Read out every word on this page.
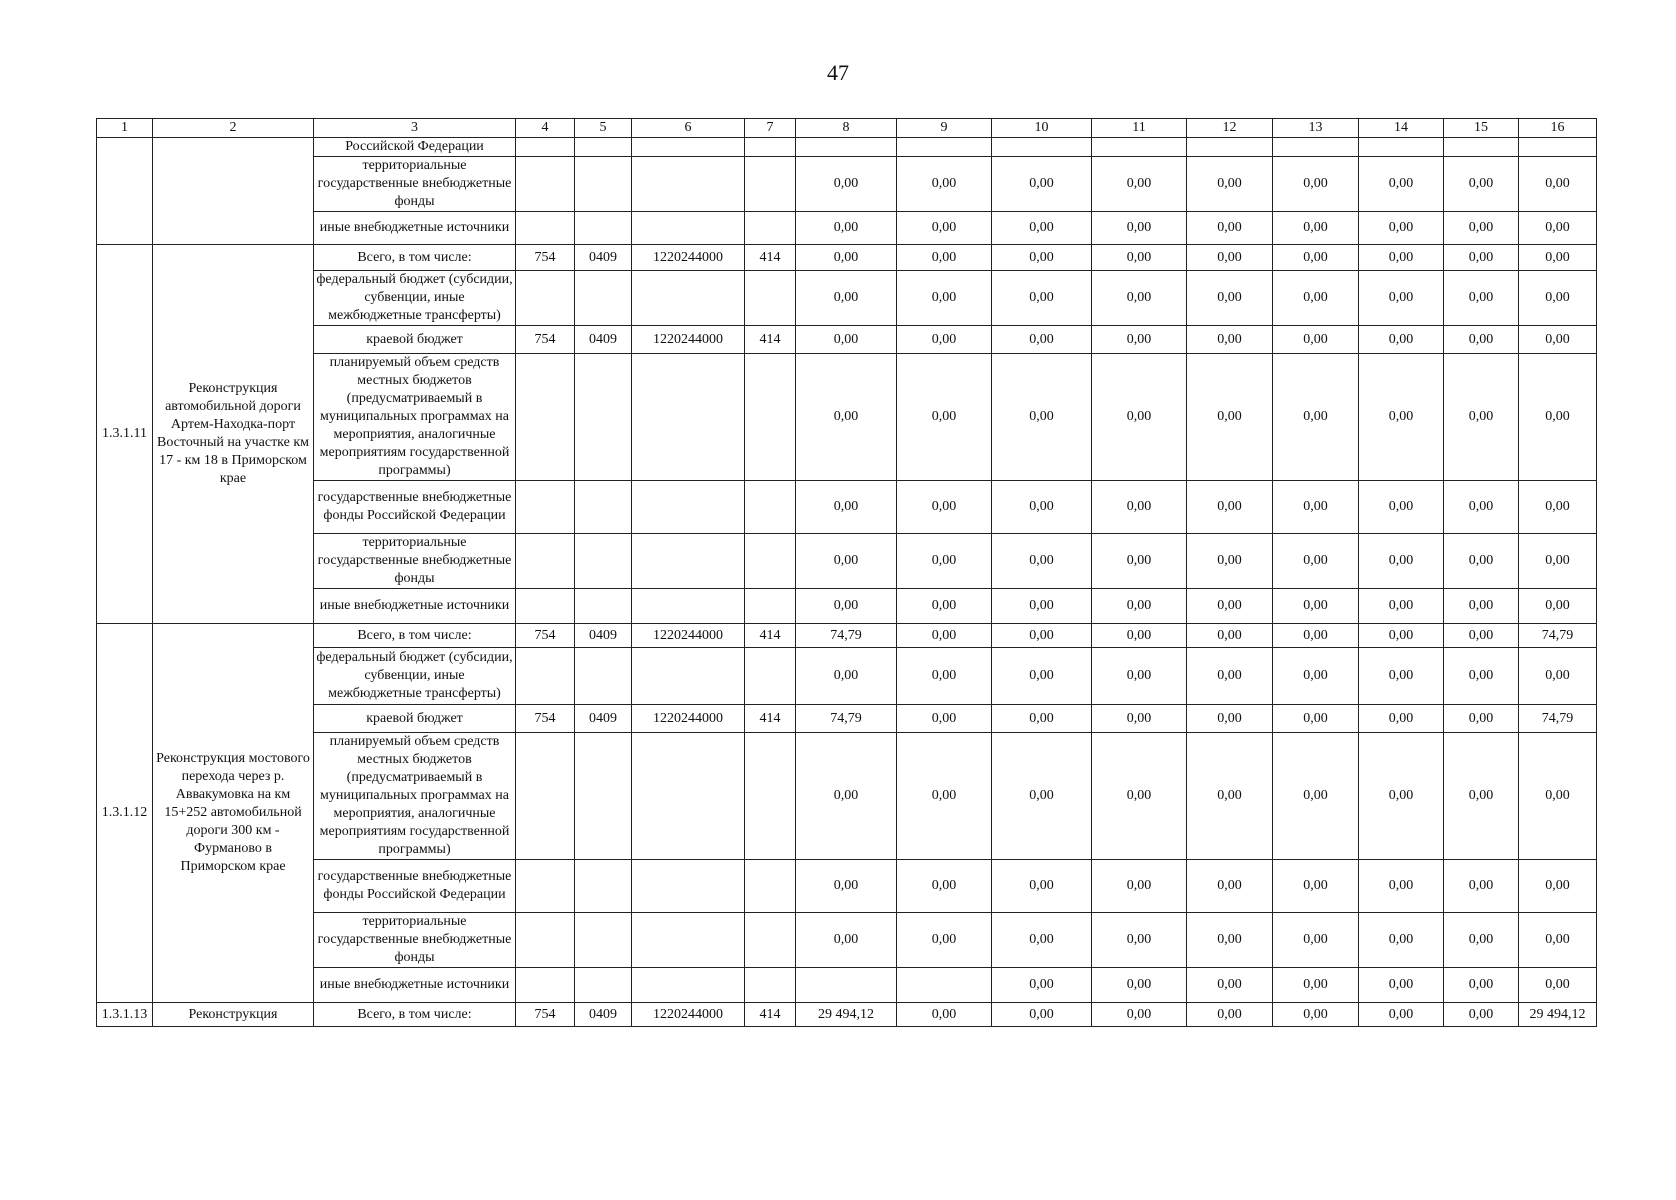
47
1	2	3	4	5	6	7	8	9	10	11	12	13	14	15	16
		Российской Федерации													
		территориальные государственные внебюджетные фонды					0,00	0,00	0,00	0,00	0,00	0,00	0,00	0,00	0,00
		иные внебюджетные источники					0,00	0,00	0,00	0,00	0,00	0,00	0,00	0,00	0,00
1.3.1.11	Реконструкция автомобильной дороги Артем-Находка-порт Восточный на участке км 17 - км 18 в Приморском крае	Всего, в том числе:	754	0409	1220244000	414	0,00	0,00	0,00	0,00	0,00	0,00	0,00	0,00	0,00
		федеральный бюджет (субсидии, субвенции, иные межбюджетные трансферты)					0,00	0,00	0,00	0,00	0,00	0,00	0,00	0,00	0,00
		краевой бюджет	754	0409	1220244000	414	0,00	0,00	0,00	0,00	0,00	0,00	0,00	0,00	0,00
		планируемый объем средств местных бюджетов (предусматриваемый в муниципальных программах на мероприятия, аналогичные мероприятиям государственной программы)					0,00	0,00	0,00	0,00	0,00	0,00	0,00	0,00	0,00
		государственные внебюджетные фонды Российской Федерации					0,00	0,00	0,00	0,00	0,00	0,00	0,00	0,00	0,00
		территориальные государственные внебюджетные фонды					0,00	0,00	0,00	0,00	0,00	0,00	0,00	0,00	0,00
		иные внебюджетные источники					0,00	0,00	0,00	0,00	0,00	0,00	0,00	0,00	0,00
1.3.1.12	Реконструкция мостового перехода через р. Аввакумовка на км 15+252 автомобильной дороги 300 км - Фурманово в Приморском крае	Всего, в том числе:	754	0409	1220244000	414	74,79	0,00	0,00	0,00	0,00	0,00	0,00	0,00	74,79
		федеральный бюджет (субсидии, субвенции, иные межбюджетные трансферты)					0,00	0,00	0,00	0,00	0,00	0,00	0,00	0,00	0,00
		краевой бюджет	754	0409	1220244000	414	74,79	0,00	0,00	0,00	0,00	0,00	0,00	0,00	74,79
		планируемый объем средств местных бюджетов (предусматриваемый в муниципальных программах на мероприятия, аналогичные мероприятиям государственной программы)					0,00	0,00	0,00	0,00	0,00	0,00	0,00	0,00	0,00
		государственные внебюджетные фонды Российской Федерации					0,00	0,00	0,00	0,00	0,00	0,00	0,00	0,00	0,00
		территориальные государственные внебюджетные фонды					0,00	0,00	0,00	0,00	0,00	0,00	0,00	0,00	0,00
		иные внебюджетные источники							0,00	0,00	0,00	0,00	0,00	0,00	0,00
1.3.1.13	Реконструкция	Всего, в том числе:	754	0409	1220244000	414	29 494,12	0,00	0,00	0,00	0,00	0,00	0,00	0,00	29 494,12
